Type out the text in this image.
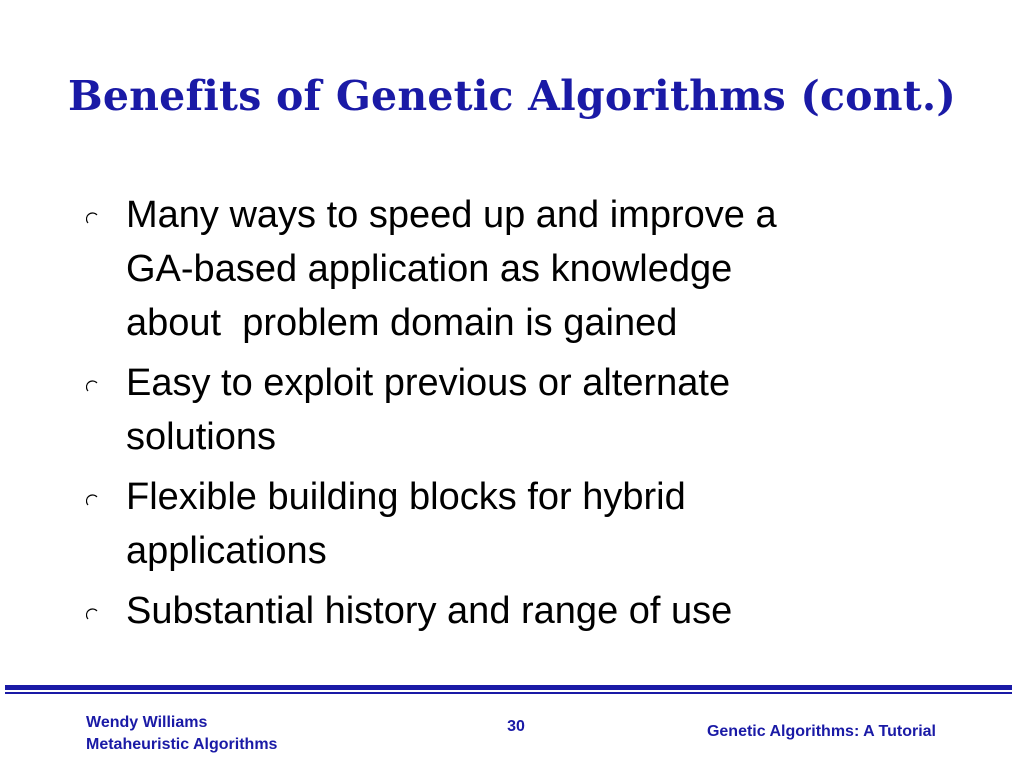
Benefits of Genetic Algorithms (cont.)
Many ways to speed up and improve a
GA-based application as knowledge
about  problem domain is gained
Easy to exploit previous or alternate
solutions
Flexible building blocks for hybrid
applications
Substantial history and range of use
Wendy Williams
Metaheuristic Algorithms
30	Genetic Algorithms: A Tutorial
